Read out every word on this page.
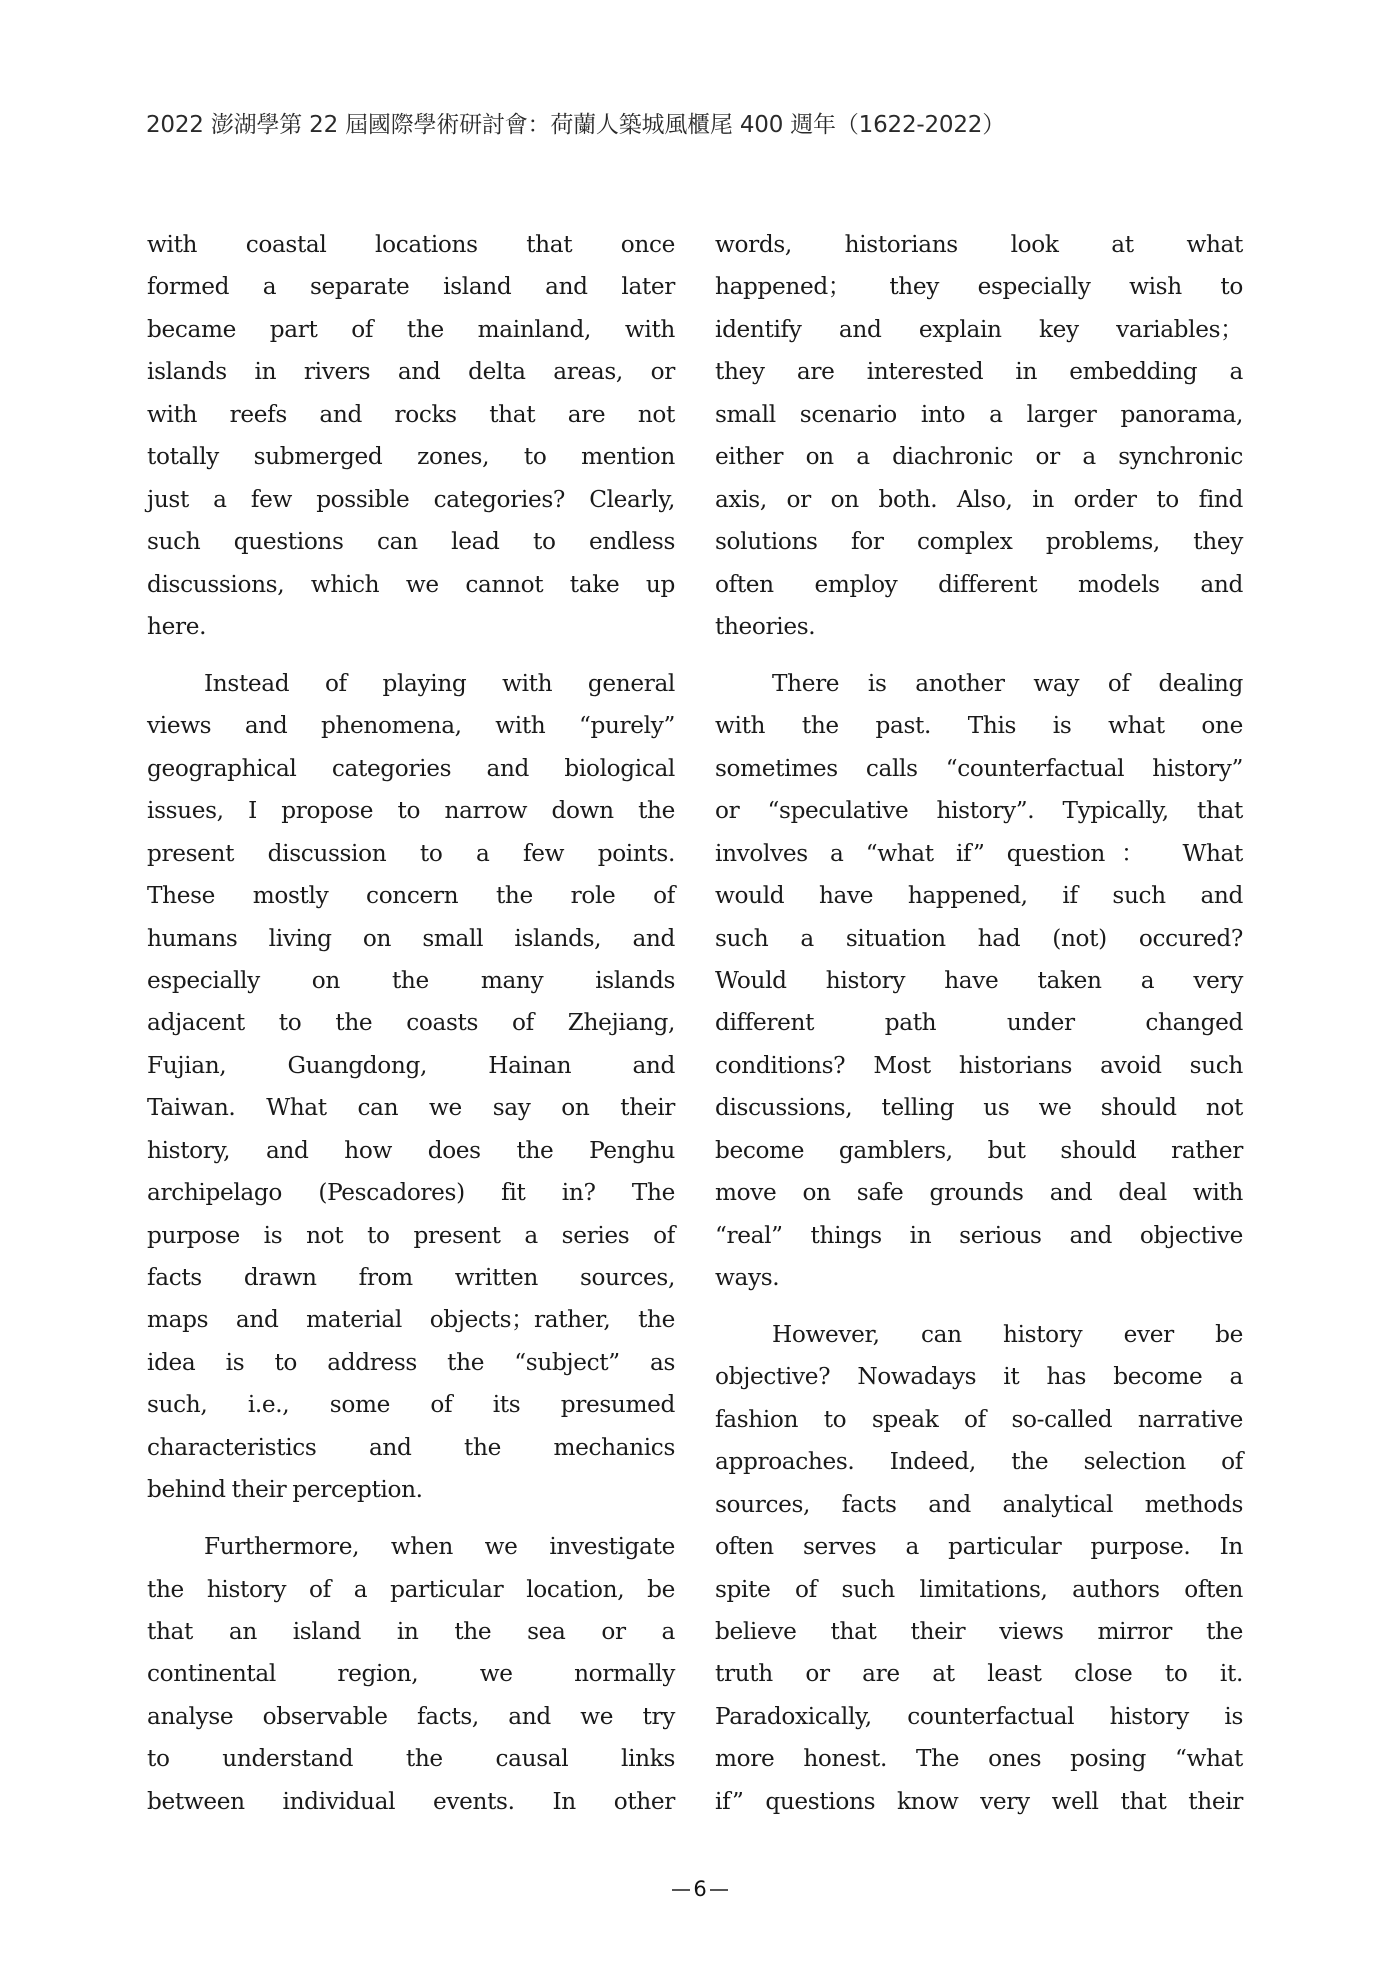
2022 澎湖學第 22 屆國際學術研討會：荷蘭人築城風櫃尾 400 週年（1622-2022）
with coastal locations that once
formed a separate island and later
became part of the mainland, with
islands in rivers and delta areas, or
with reefs and rocks that are not
totally submerged zones, to mention
just a few possible categories? Clearly,
such questions can lead to endless
discussions, which we cannot take up
here.
Instead of playing with general
views and phenomena, with “purely”
geographical categories and biological
issues, I propose to narrow down the
present discussion to a few points.
These mostly concern the role of
humans living on small islands, and
especially on the many islands
adjacent to the coasts of Zhejiang,
Fujian, Guangdong, Hainan and
Taiwan. What can we say on their
history, and how does the Penghu
archipelago (Pescadores) fit in? The
purpose is not to present a series of
facts drawn from written sources,
maps and material objects；rather, the
idea is to address the “subject” as
such, i.e., some of its presumed
characteristics and the mechanics
behind their perception.
Furthermore, when we investigate
the history of a particular location, be
that an island in the sea or a
continental region, we normally
analyse observable facts, and we try
to understand the causal links
between individual events. In other
words, historians look at what
happened； they especially wish to
identify and explain key variables；
they are interested in embedding a
small scenario into a larger panorama,
either on a diachronic or a synchronic
axis, or on both. Also, in order to find
solutions for complex problems, they
often employ different models and
theories.
There is another way of dealing
with the past. This is what one
sometimes calls “counterfactual history”
or “speculative history”. Typically, that
involves a “what if” question： What
would have happened, if such and
such a situation had (not) occured?
Would history have taken a very
different path under changed
conditions? Most historians avoid such
discussions, telling us we should not
become gamblers, but should rather
move on safe grounds and deal with
“real” things in serious and objective
ways.
However, can history ever be
objective? Nowadays it has become a
fashion to speak of so-called narrative
approaches. Indeed, the selection of
sources, facts and analytical methods
often serves a particular purpose. In
spite of such limitations, authors often
believe that their views mirror the
truth or are at least close to it.
Paradoxically, counterfactual history is
more honest. The ones posing “what
if” questions know very well that their
6
